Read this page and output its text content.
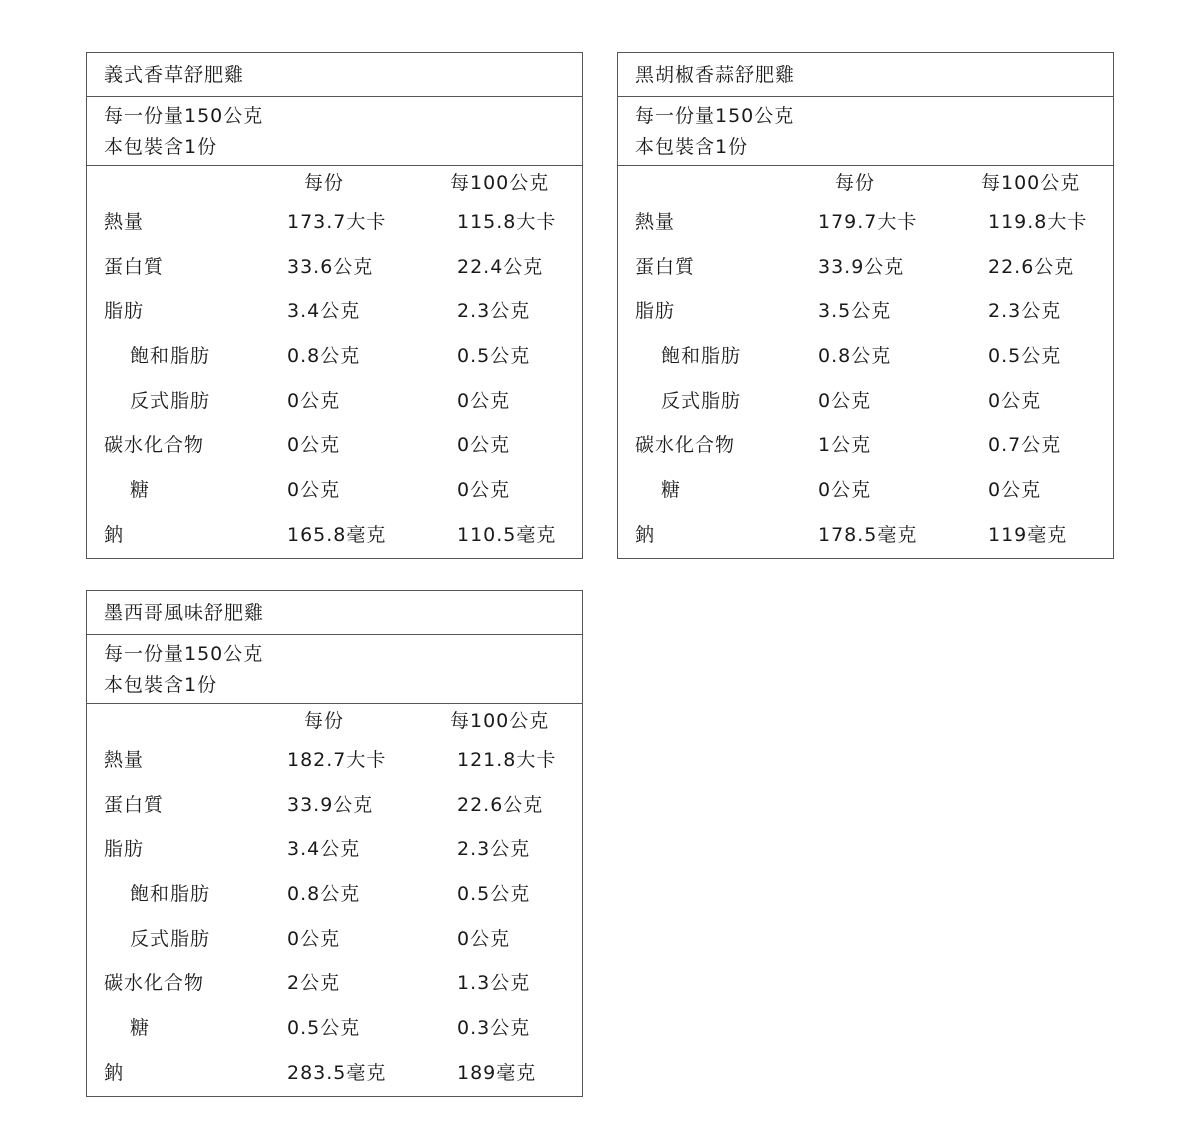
義式香草舒肥雞
每一份量150公克
本包裝含1份
每份	每100公克
熱量	173.7大卡	115.8大卡
蛋白質	33.6公克	22.4公克
脂肪	3.4公克	2.3公克
飽和脂肪	0.8公克	0.5公克
反式脂肪	0公克	0公克
碳水化合物	0公克	0公克
糖	0公克	0公克
鈉	165.8毫克	110.5毫克
黑胡椒香蒜舒肥雞
每一份量150公克
本包裝含1份
每份	每100公克
熱量	179.7大卡	119.8大卡
蛋白質	33.9公克	22.6公克
脂肪	3.5公克	2.3公克
飽和脂肪	0.8公克	0.5公克
反式脂肪	0公克	0公克
碳水化合物	1公克	0.7公克
糖	0公克	0公克
鈉	178.5毫克	119毫克
墨西哥風味舒肥雞
每一份量150公克
本包裝含1份
每份	每100公克
熱量	182.7大卡	121.8大卡
蛋白質	33.9公克	22.6公克
脂肪	3.4公克	2.3公克
飽和脂肪	0.8公克	0.5公克
反式脂肪	0公克	0公克
碳水化合物	2公克	1.3公克
糖	0.5公克	0.3公克
鈉	283.5毫克	189毫克
